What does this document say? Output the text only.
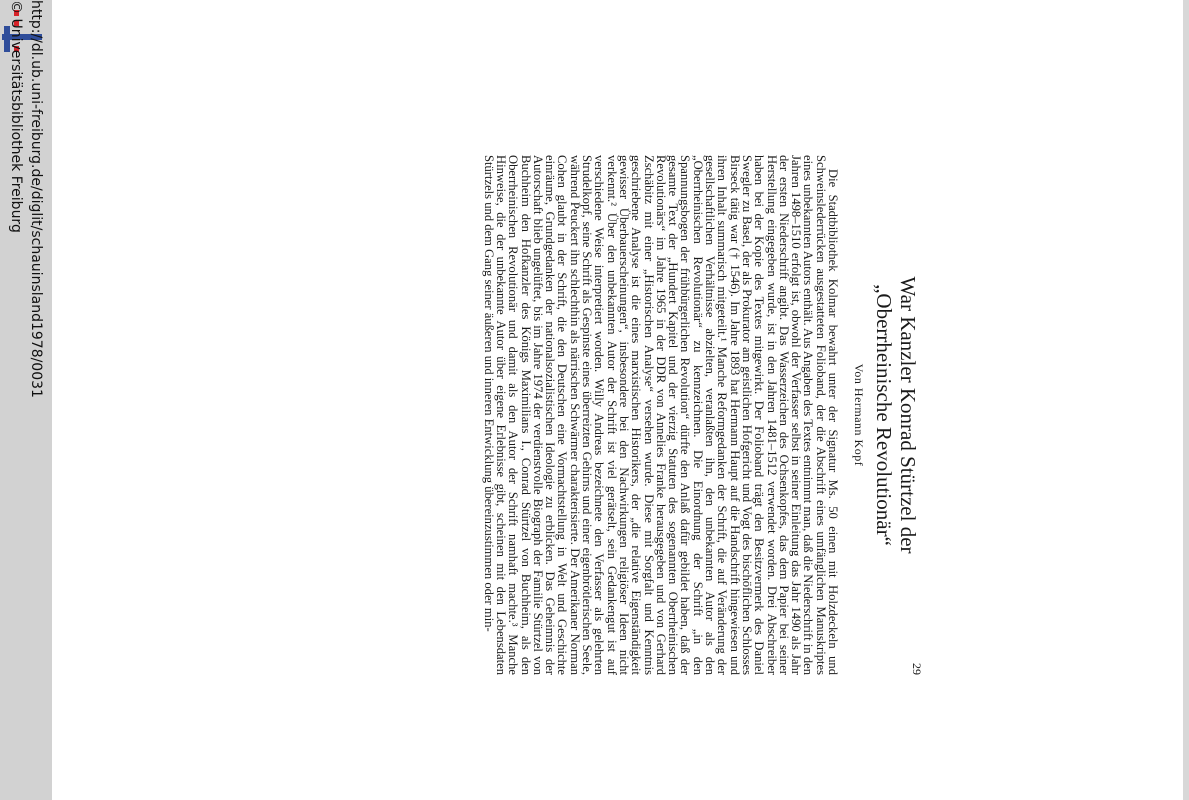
http://dl.ub.uni-freiburg.de/diglit/schauinsland1978/0031
© Universitätsbibliothek Freiburg
29
War Kanzler Konrad Stürtzel der
„Oberrheinische Revolutionär“
Von Hermann Kopf

Die Stadtbibliothek Kolmar bewahrt unter der Signatur Ms. 50 einen mit Holzdeckeln und Schweinslederrücken ausgestatteten Folioband, der die Abschrift eines umfänglichen Manuskriptes eines unbekannten Autors enthält. Aus Angaben des Textes entnimmt man, daß die Niederschrift in den Jahren 1498–1510 erfolgt ist, obwohl der Verfasser selbst in seiner Einleitung das Jahr 1490 als Jahr der ersten Niederschrift angibt. Das Wasserzeichen des Ochsenkopfes, das dem Papier bei seiner Herstellung eingegeben wurde, ist in den Jahren 1481–1512 verwendet worden. Drei Abschreiber haben bei der Kopie des Textes mitgewirkt. Der Folioband trägt den Besitzvermerk des Daniel Swegler zu Basel, der als Prokurator am geistlichen Hofgericht und Vogt des bischöflichen Schlosses Birseck tätig war († 1546). Im Jahre 1893 hat Hermann Haupt auf die Handschrift hingewiesen und ihren Inhalt summarisch mitgeteilt.¹ Manche Reformgedanken der Schrift, die auf Veränderung der gesellschaftlichen Verhältnisse abzielten, veranlaßten ihn, den unbekannten Autor als den „Oberrheinischen Revolutionär“ zu kennzeichnen. Die Einordnung der Schrift „in den Spannungsbogen der frühbürgerlichen Revolution“ dürfte den Anlaß dafür gebildet haben, daß der gesamte Text der „Hundert Kapitel und der vierzig Statuten des sogenannten Oberrheinischen Revolutionärs“ im Jahre 1965 in der DDR von Annelies Franke herausgegeben und von Gerhard Zschäbitz mit einer „Historischen Analyse“ versehen wurde. Diese mit Sorgfalt und Kenntnis geschriebene Analyse ist die eines marxistischen Historikers, der „die relative Eigenständigkeit gewisser Überbauerscheinungen“, insbesondere bei den Nachwirkungen religiöser Ideen nicht verkennt.² Über den unbekannten Autor der Schrift ist viel gerätselt, sein Gedankengut ist auf verschiedene Weise interpretiert worden. Willy Andreas bezeichnete den Verfasser als gelehrten Strudelkopf, seine Schrift als Gespinste eines überreizten Gehirns und einer eigenbrötlerischen Seele, während Peuckert ihn schlechthin als närrischen Schwärmer charakterisierte. Der Amerikaner Norman Cohen glaubt in der Schrift, die den Deutschen eine Vormachtstellung in Welt und Geschichte einräume, Grundgedanken der nationalsozialistischen Ideologie zu erblicken. Das Geheimnis der Autorschaft blieb ungelüftet, bis im Jahre 1974 der verdienstvolle Biograph der Familie Stürtzel von Buchheim den Hofkanzler des Königs Maximilians I., Conrad Stürtzel von Buchheim, als den Oberrheinischen Revolutionär und damit als den Autor der Schrift namhaft machte.³ Manche Hinweise, die der unbekannte Autor über eigene Erlebnisse gibt, scheinen mit den Lebensdaten Stürtzels und dem Gang seiner äußeren und inneren Entwicklung übereinzustimmen oder min-
